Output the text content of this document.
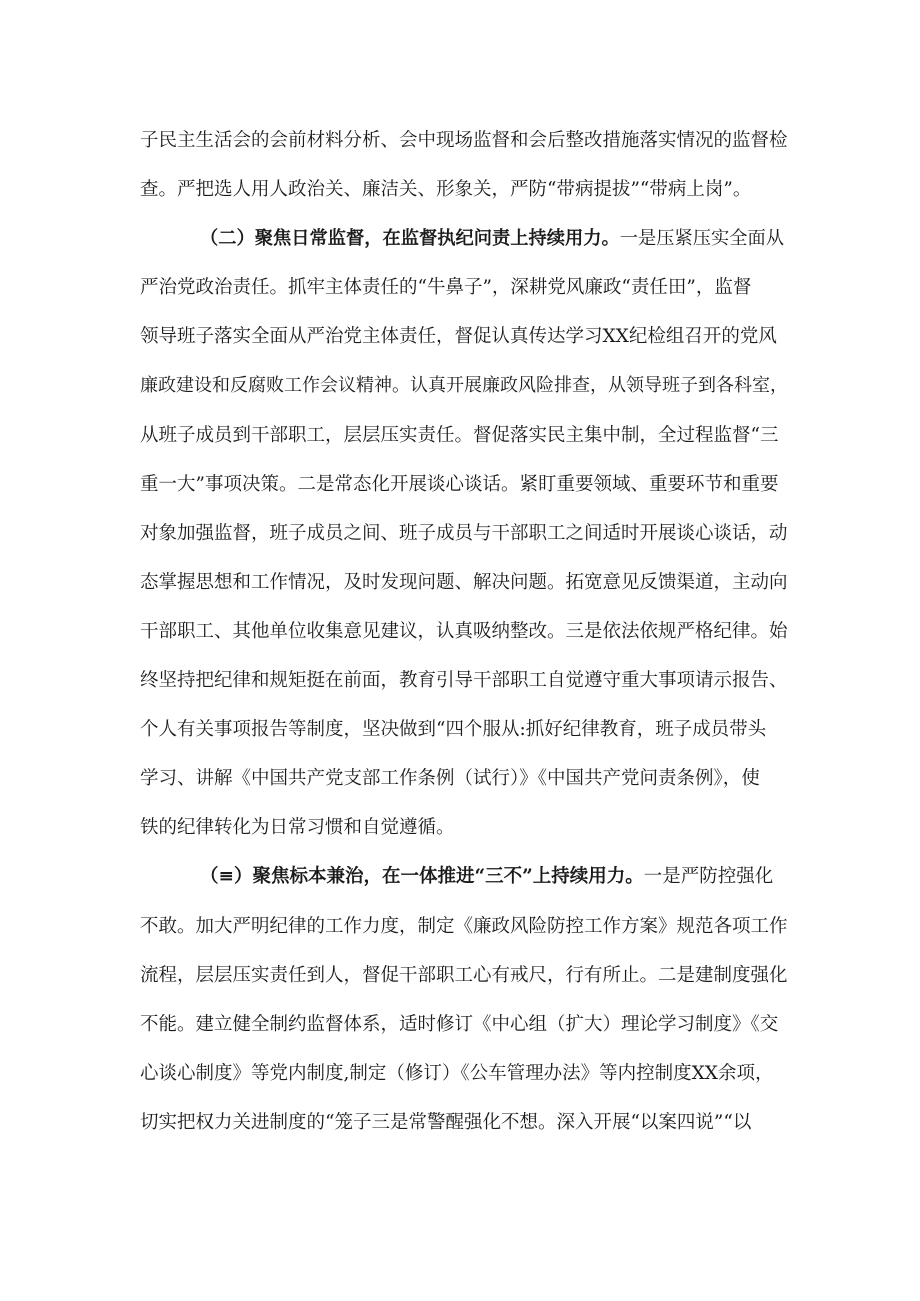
子民主生活会的会前材料分析、会中现场监督和会后整改措施落实情况的监督检
查。严把选人用人政治关、廉洁关、形象关，严防“带病提拔”“带病上岗”。
（二）聚焦日常监督，在监督执纪问责上持续用力。一是压紧压实全面从
严治党政治责任。抓牢主体责任的“牛鼻子”，深耕党风廉政“责任田”，监督
领导班子落实全面从严治党主体责任，督促认真传达学习XX纪检组召开的党风
廉政建设和反腐败工作会议精神。认真开展廉政风险排查，从领导班子到各科室，
从班子成员到干部职工，层层压实责任。督促落实民主集中制，全过程监督“三
重一大”事项决策。二是常态化开展谈心谈话。紧盯重要领域、重要环节和重要
对象加强监督，班子成员之间、班子成员与干部职工之间适时开展谈心谈话，动
态掌握思想和工作情况，及时发现问题、解决问题。拓宽意见反馈渠道，主动向
干部职工、其他单位收集意见建议，认真吸纳整改。三是依法依规严格纪律。始
终坚持把纪律和规矩挺在前面，教育引导干部职工自觉遵守重大事项请示报告、
个人有关事项报告等制度，坚决做到“四个服从:抓好纪律教育，班子成员带头
学习、讲解《中国共产党支部工作条例（试行）》《中国共产党问责条例》，使
铁的纪律转化为日常习惯和自觉遵循。
（≡）聚焦标本兼治，在一体推进“三不”上持续用力。一是严防控强化
不敢。加大严明纪律的工作力度，制定《廉政风险防控工作方案》规范各项工作
流程，层层压实责任到人，督促干部职工心有戒尺，行有所止。二是建制度强化
不能。建立健全制约监督体系，适时修订《中心组（扩大）理论学习制度》《交
心谈心制度》等党内制度,制定（修订）《公车管理办法》等内控制度XX余项，
切实把权力关进制度的“笼子三是常警醒强化不想。深入开展“以案四说”“以
